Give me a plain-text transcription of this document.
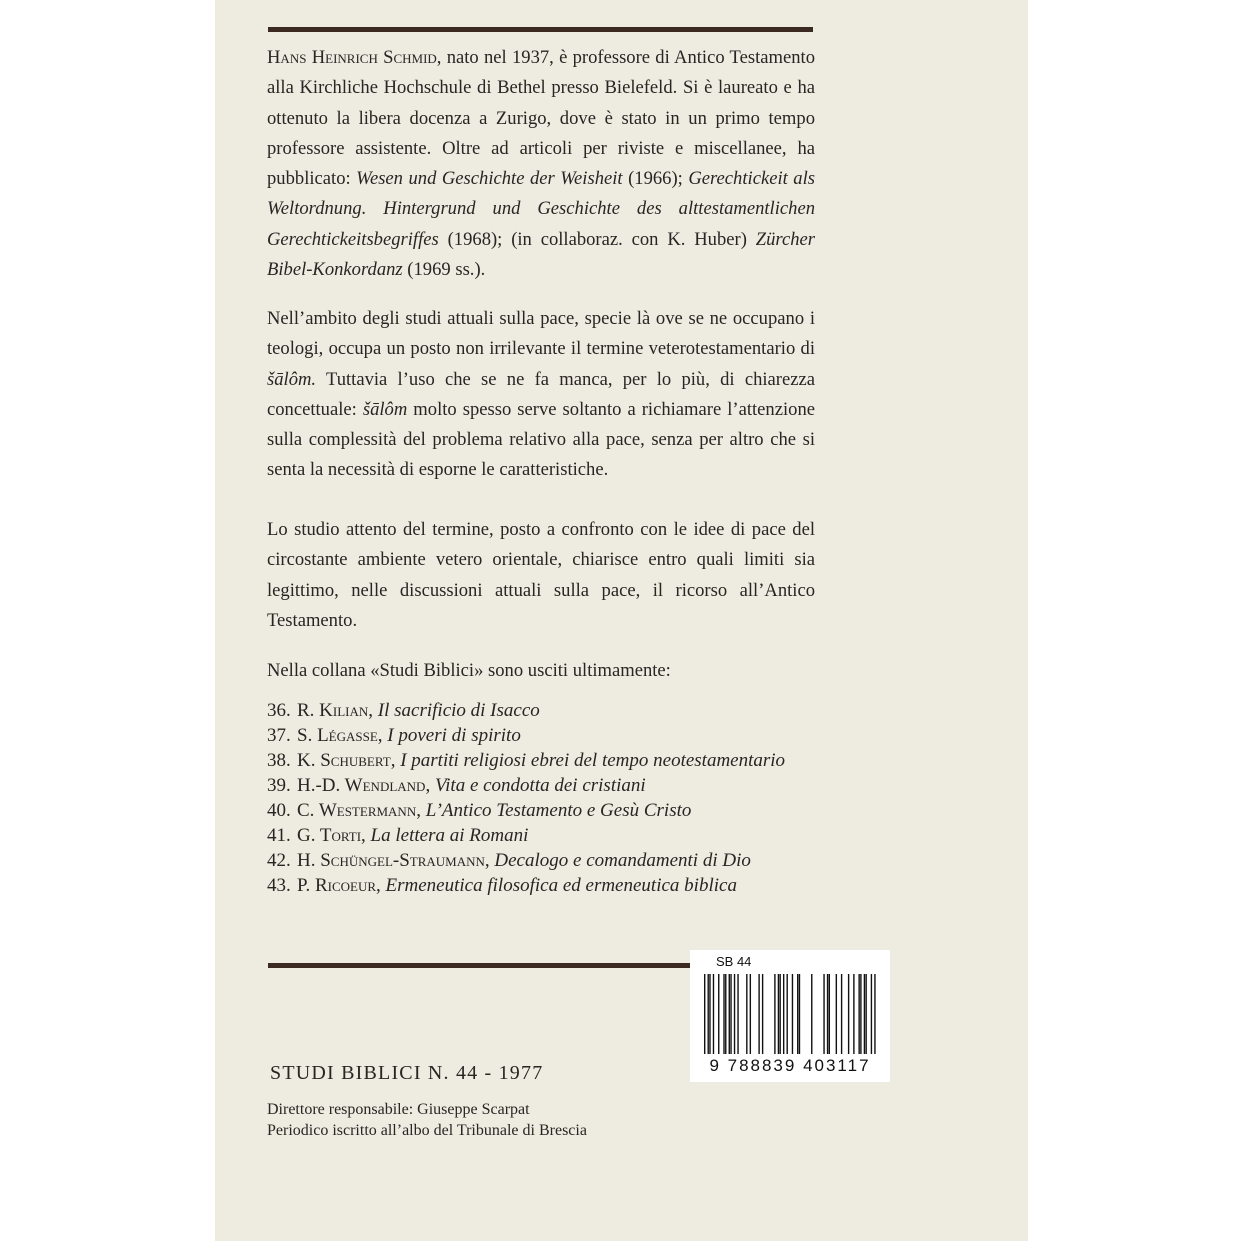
Hans Heinrich Schmid, nato nel 1937, è professore di Antico Testamento alla Kirchliche Hochschule di Bethel presso Bielefeld. Si è laureato e ha ottenuto la libera docenza a Zurigo, dove è stato in un primo tempo professore assistente. Oltre ad articoli per riviste e miscellanee, ha pubblicato: Wesen und Geschichte der Weisheit (1966); Gerechtickeit als Weltordnung. Hintergrund und Geschichte des alttestamentlichen Gerechtickeitsbegriffes (1968); (in collaboraz. con K. Huber) Zürcher Bibel-Konkordanz (1969 ss.).
Nell’ambito degli studi attuali sulla pace, specie là ove se ne occupano i teologi, occupa un posto non irrilevante il termine veterotestamentario di šālôm. Tuttavia l’uso che se ne fa manca, per lo più, di chiarezza concettuale: šālôm molto spesso serve soltanto a richiamare l’attenzione sulla complessità del problema relativo alla pace, senza per altro che si senta la necessità di esporne le caratteristiche.
Lo studio attento del termine, posto a confronto con le idee di pace del circostante ambiente vetero orientale, chiarisce entro quali limiti sia legittimo, nelle discussioni attuali sulla pace, il ricorso all’Antico Testamento.
Nella collana «Studi Biblici» sono usciti ultimamente:
36. R. Kilian, Il sacrificio di Isacco
37. S. Légasse, I poveri di spirito
38. K. Schubert, I partiti religiosi ebrei del tempo neotestamentario
39. H.-D. Wendland, Vita e condotta dei cristiani
40. C. Westermann, L’Antico Testamento e Gesù Cristo
41. G. Torti, La lettera ai Romani
42. H. Schüngel-Straumann, Decalogo e comandamenti di Dio
43. P. Ricoeur, Ermeneutica filosofica ed ermeneutica biblica
STUDI BIBLICI N. 44 - 1977
Direttore responsabile: Giuseppe Scarpat
Periodico iscritto all’albo del Tribunale di Brescia
SB 44
9 788839 403117
